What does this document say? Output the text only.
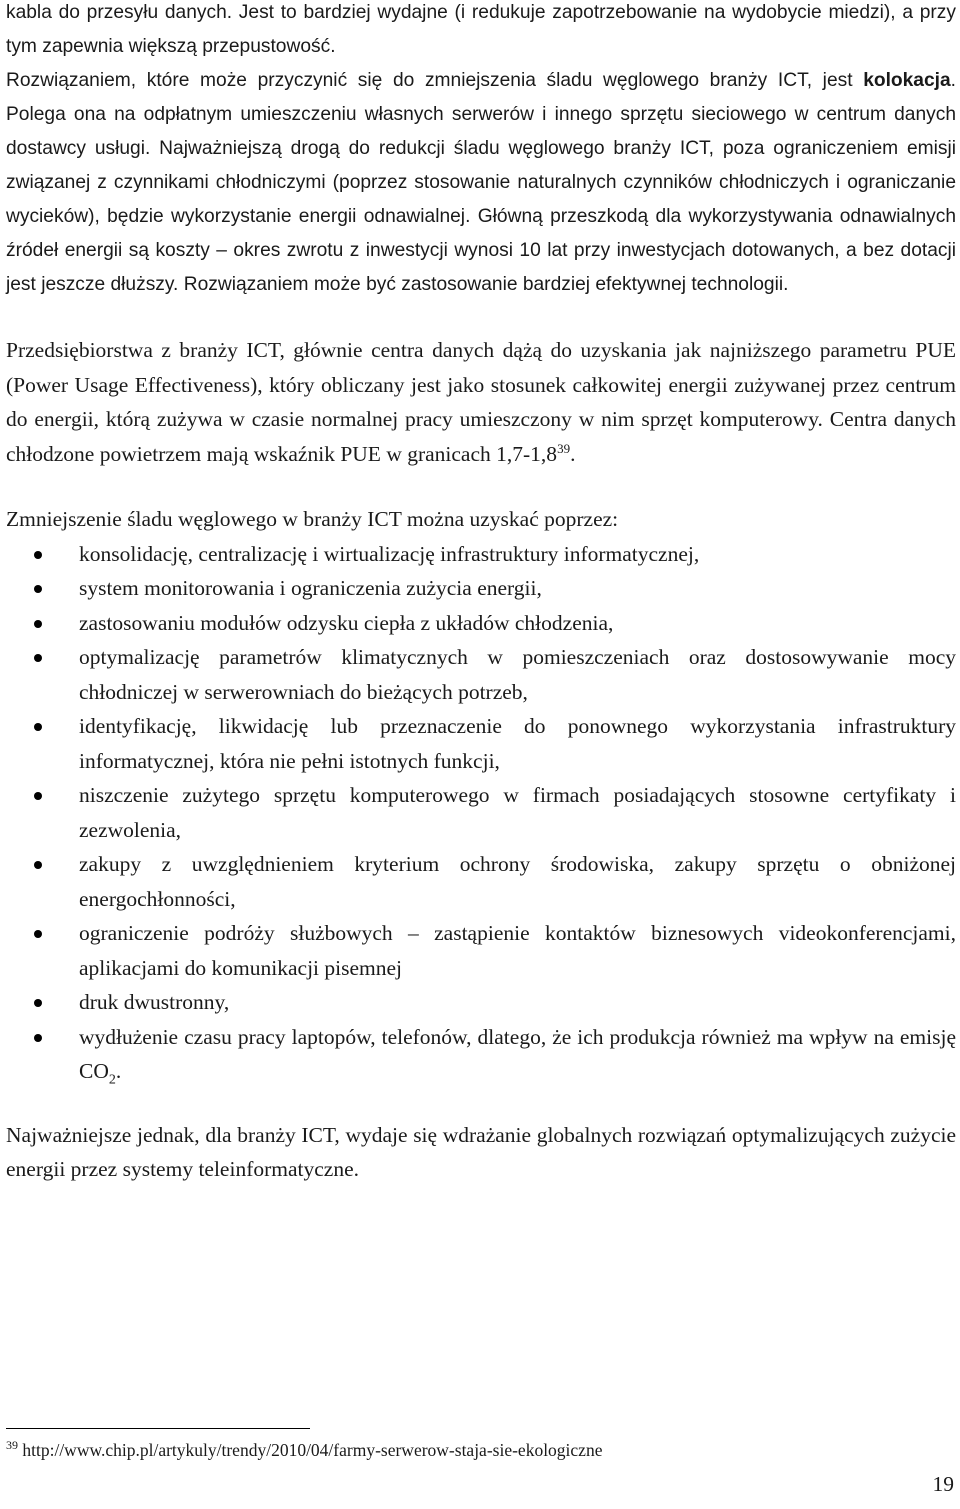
kabla do przesyłu danych. Jest to bardziej wydajne (i redukuje zapotrzebowanie na wydobycie miedzi), a przy tym zapewnia większą przepustowość.

Rozwiązaniem, które może przyczynić się do zmniejszenia śladu węglowego branży ICT, jest kolokacja. Polega ona na odpłatnym umieszczeniu własnych serwerów i innego sprzętu sieciowego w centrum danych dostawcy usługi. Najważniejszą drogą do redukcji śladu węglowego branży ICT, poza ograniczeniem emisji związanej z czynnikami chłodniczymi (poprzez stosowanie naturalnych czynników chłodniczych i ograniczanie wycieków), będzie wykorzystanie energii odnawialnej. Główną przeszkodą dla wykorzystywania odnawialnych źródeł energii są koszty – okres zwrotu z inwestycji wynosi 10 lat przy inwestycjach dotowanych, a bez dotacji jest jeszcze dłuższy. Rozwiązaniem może być zastosowanie bardziej efektywnej technologii.

Przedsiębiorstwa z branży ICT, głównie centra danych dążą do uzyskania jak najniższego parametru PUE (Power Usage Effectiveness), który obliczany jest jako stosunek całkowitej energii zużywanej przez centrum do energii, którą zużywa w czasie normalnej pracy umieszczony w nim sprzęt komputerowy. Centra danych chłodzone powietrzem mają wskaźnik PUE w granicach $1,7-1,8^{39}$.

Zmniejszenie śladu węglowego w branży ICT można uzyskać poprzez:

konsolidację, centralizację i wirtualizację infrastruktury informatycznej,
system monitorowania i ograniczenia zużycia energii,
zastosowaniu modułów odzysku ciepła z układów chłodzenia,
optymalizację parametrów klimatycznych w pomieszczeniach oraz dostosowywanie mocy chłodniczej w serwerowniach do bieżących potrzeb,
identyfikację, likwidację lub przeznaczenie do ponownego wykorzystania infrastruktury informatycznej, która nie pełni istotnych funkcji,
niszczenie zużytego sprzętu komputerowego w firmach posiadających stosowne certyfikaty i zezwolenia,
zakupy z uwzględnieniem kryterium ochrony środowiska, zakupy sprzętu o obniżonej energochłonności,
ograniczenie podróży służbowych – zastąpienie kontaktów biznesowych videokonferencjami, aplikacjami do komunikacji pisemnej
druk dwustronny,
wydłużenie czasu pracy laptopów, telefonów, dlatego, że ich produkcja również ma wpływ na emisję $CO_2$.

Najważniejsze jednak, dla branży ICT, wydaje się wdrażanie globalnych rozwiązań optymalizujących zużycie energii przez systemy teleinformatyczne.

$^{39}$ http://www.chip.pl/artykuly/trendy/2010/04/farmy-serwerow-staja-sie-ekologiczne
19
